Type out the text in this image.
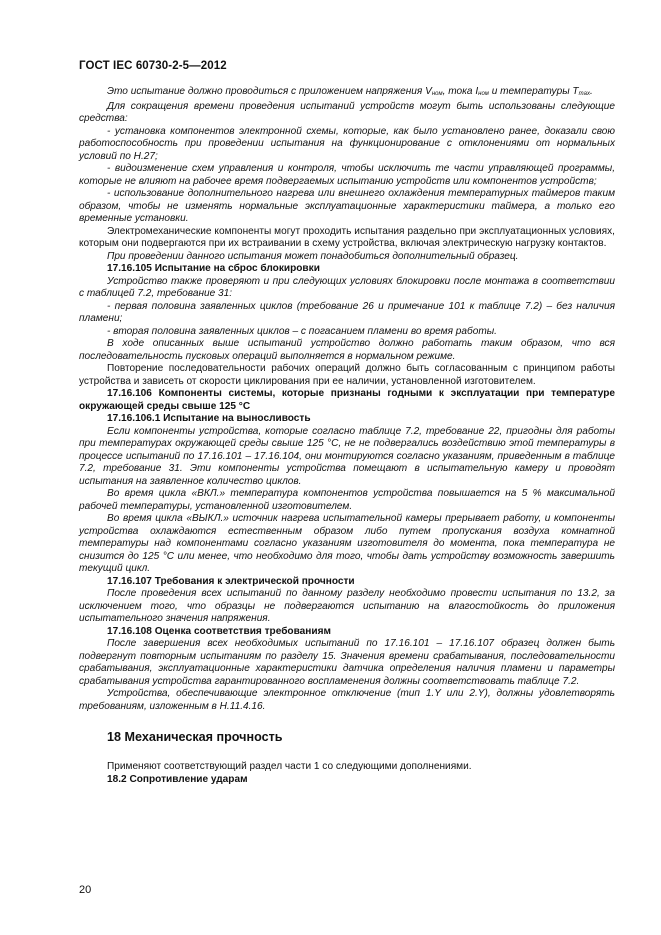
ГОСТ IEC 60730-2-5—2012

Это испытание должно проводиться с приложением напряжения Vном, тока Iном и температуры Tmax.

Для сокращения времени проведения испытаний устройств могут быть использованы следующие средства:

- установка компонентов электронной схемы, которые, как было установлено ранее, доказали свою работоспособность при проведении испытания на функционирование с отклонениями от нормальных условий по Н.27;

- видоизменение схем управления и контроля, чтобы исключить те части управляющей программы, которые не влияют на рабочее время подвергаемых испытанию устройств или компонентов устройств;

- использование дополнительного нагрева или внешнего охлаждения температурных таймеров таким образом, чтобы не изменять нормальные эксплуатационные характеристики таймера, а только его временные установки.

Электромеханические компоненты могут проходить испытания раздельно при эксплуатационных условиях, которым они подвергаются при их встраивании в схему устройства, включая электрическую нагрузку контактов.

При проведении данного испытания может понадобиться дополнительный образец.

17.16.105 Испытание на сброс блокировки

Устройство также проверяют и при следующих условиях блокировки после монтажа в соответствии с таблицей 7.2, требование 31:

- первая половина заявленных циклов (требование 26 и примечание 101 к таблице 7.2) – без наличия пламени;

- вторая половина заявленных циклов – с погасанием пламени во время работы.

В ходе описанных выше испытаний устройство должно работать таким образом, что вся последовательность пусковых операций выполняется в нормальном режиме.

Повторение последовательности рабочих операций должно быть согласованным с принципом работы устройства и зависеть от скорости циклирования при ее наличии, установленной изготовителем.

17.16.106 Компоненты системы, которые признаны годными к эксплуатации при температуре окружающей среды свыше 125 °С

17.16.106.1 Испытание на выносливость

Если компоненты устройства, которые согласно таблице 7.2, требование 22, пригодны для работы при температурах окружающей среды свыше 125 °С, не не подвергались воздействию этой температуры в процессе испытаний по 17.16.101 – 17.16.104, они монтируются согласно указаниям, приведенным в таблице 7.2, требование 31. Эти компоненты устройства помещают в испытательную камеру и проводят испытания на заявленное количество циклов.

Во время цикла «ВКЛ.» температура компонентов устройства повышается на 5 % максимальной рабочей температуры, установленной изготовителем.

Во время цикла «ВЫКЛ.» источник нагрева испытательной камеры прерывает работу, и компоненты устройства охлаждаются естественным образом либо путем пропускания воздуха комнатной температуры над компонентами согласно указаниям изготовителя до момента, пока температура не снизится до 125 °С или менее, что необходимо для того, чтобы дать устройству возможность завершить текущий цикл.

17.16.107 Требования к электрической прочности

После проведения всех испытаний по данному разделу необходимо провести испытания по 13.2, за исключением того, что образцы не подвергаются испытанию на влагостойкость до приложения испытательного значения напряжения.

17.16.108 Оценка соответствия требованиям

После завершения всех необходимых испытаний по 17.16.101 – 17.16.107 образец должен быть подвергнут повторным испытаниям по разделу 15. Значения времени срабатывания, последовательности срабатывания, эксплуатационные характеристики датчика определения наличия пламени и параметры срабатывания устройства гарантированного воспламенения должны соответствовать таблице 7.2.

Устройства, обеспечивающие электронное отключение (тип 1.Y или 2.Y), должны удовлетворять требованиям, изложенным в Н.11.4.16.

18 Механическая прочность

Применяют соответствующий раздел части 1 со следующими дополнениями.

18.2 Сопротивление ударам

20
